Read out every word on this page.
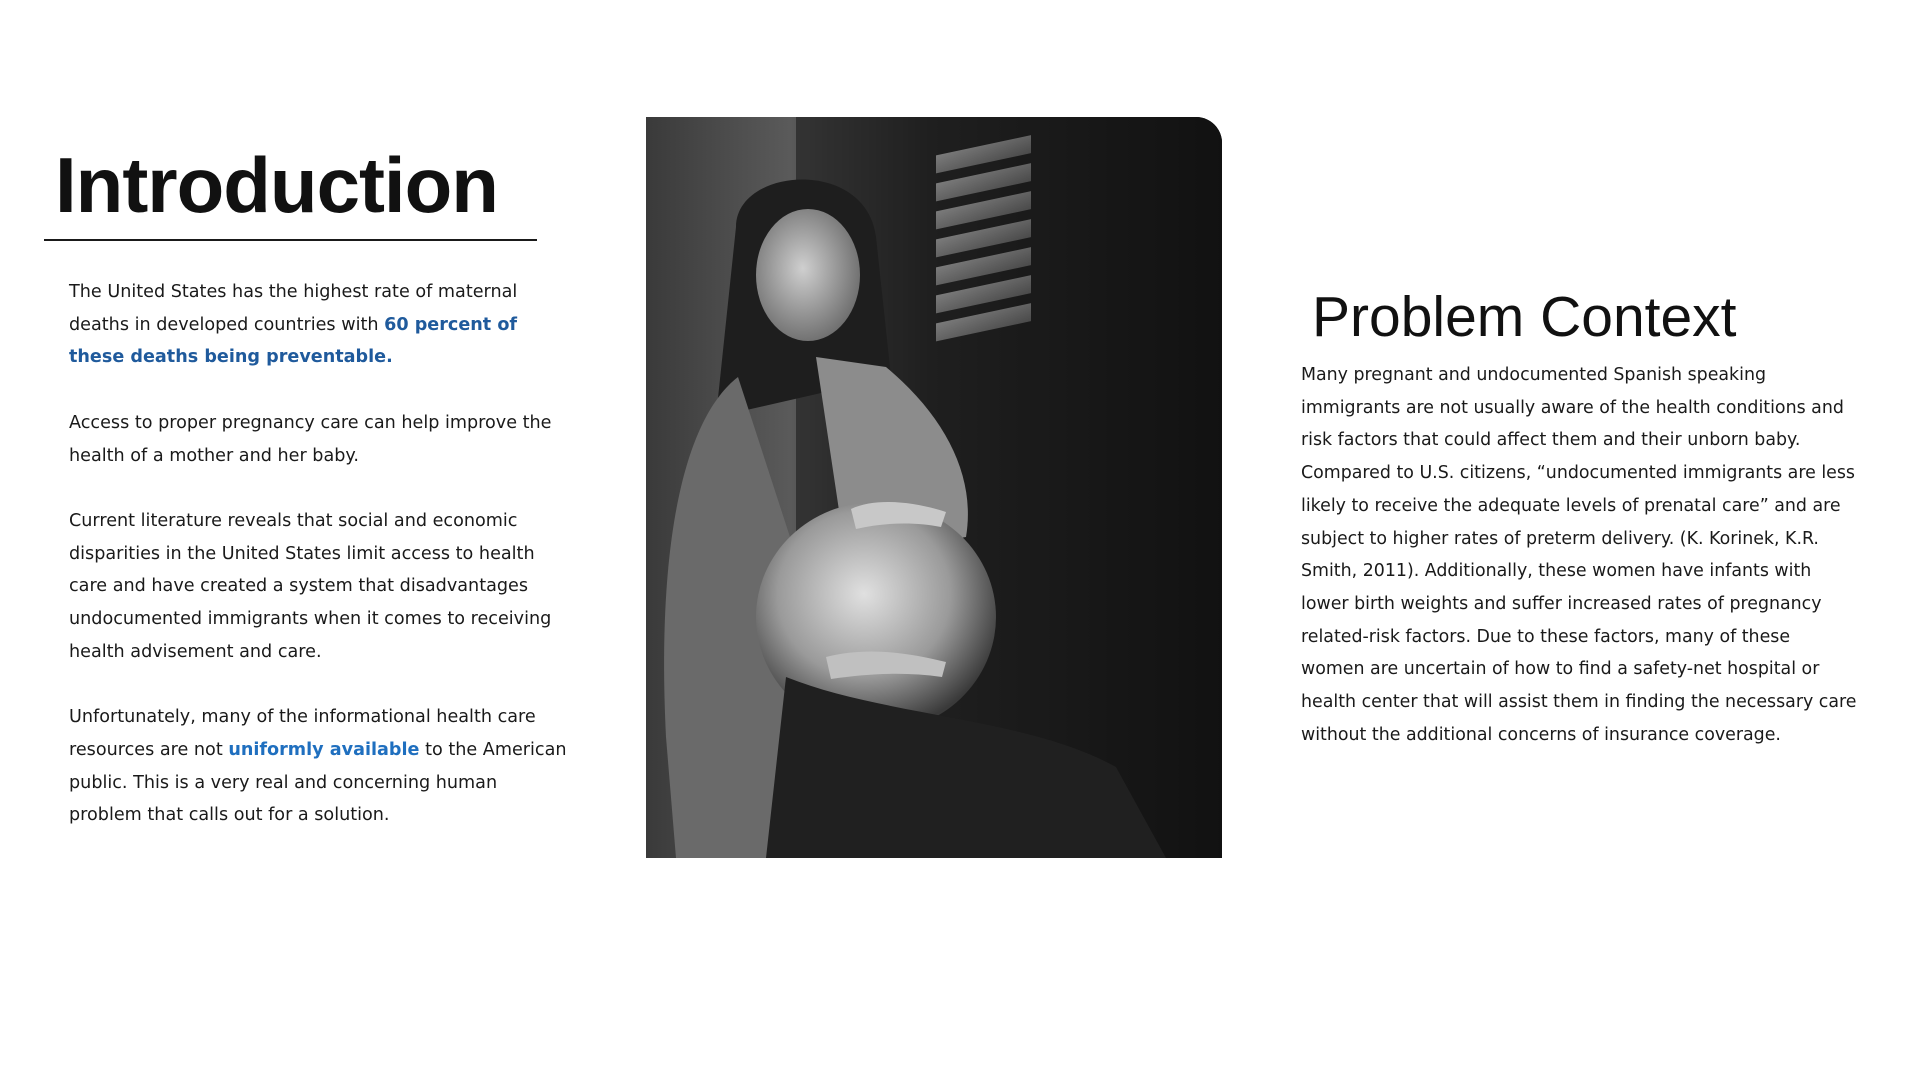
Introduction

The United States has the highest rate of maternal deaths in developed countries with 60 percent of these deaths being preventable.

Access to proper pregnancy care can help improve the health of a mother and her baby.

Current literature reveals that social and economic disparities in the United States limit access to health care and have created a system that disadvantages undocumented immigrants when it comes to receiving health advisement and care.

Unfortunately, many of the informational health care resources are not uniformly available to the American public. This is a very real and concerning human problem that calls out for a solution.

Problem Context

Many pregnant and undocumented Spanish speaking immigrants are not usually aware of the health conditions and risk factors that could affect them and their unborn baby. Compared to U.S. citizens, “undocumented immigrants are less likely to receive the adequate levels of prenatal care” and are subject to higher rates of preterm delivery. (K. Korinek, K.R. Smith, 2011). Additionally, these women have infants with lower birth weights and suffer increased rates of pregnancy related-risk factors. Due to these factors, many of these women are uncertain of how to find a safety-net hospital or health center that will assist them in finding the necessary care without the additional concerns of insurance coverage.
